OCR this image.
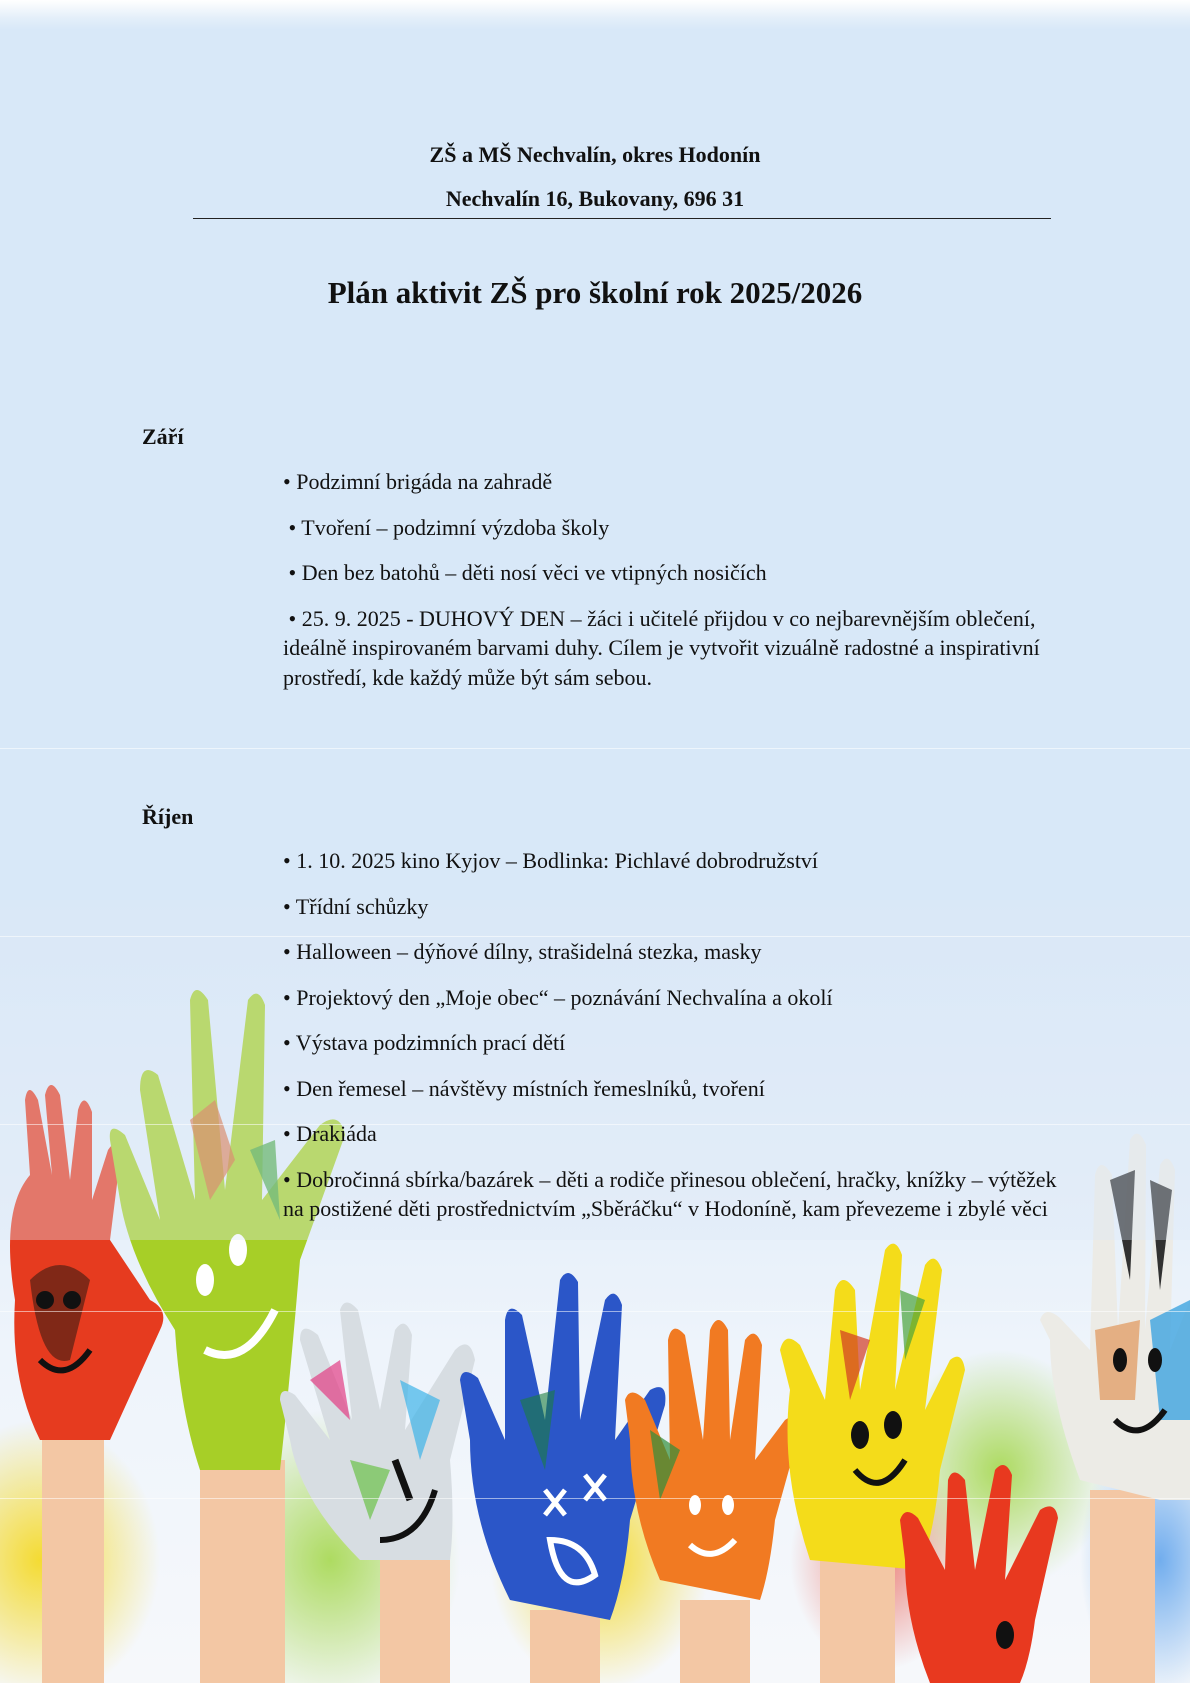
ZŠ a MŠ Nechvalín, okres Hodonín
Nechvalín 16, Bukovany, 696 31
Plán aktivit ZŠ pro školní rok 2025/2026
Září
• Podzimní brigáda na zahradě
• Tvoření – podzimní výzdoba školy
• Den bez batohů – děti nosí věci ve vtipných nosičích
• 25. 9. 2025 - DUHOVÝ DEN – žáci i učitelé přijdou v co nejbarevnějším oblečení, ideálně inspirovaném barvami duhy. Cílem je vytvořit vizuálně radostné a inspirativní prostředí, kde každý může být sám sebou.
Říjen
• 1. 10. 2025 kino Kyjov – Bodlinka: Pichlavé dobrodružství
• Třídní schůzky
• Halloween – dýňové dílny, strašidelná stezka, masky
• Projektový den „Moje obec“ – poznávání Nechvalína a okolí
• Výstava podzimních prací dětí
• Den řemesel – návštěvy místních řemeslníků, tvoření
• Drakiáda
• Dobročinná sbírka/bazárek – děti a rodiče přinesou oblečení, hračky, knížky – výtěžek na postižené děti prostřednictvím „Sběráčku“ v Hodoníně, kam převezeme i zbylé věci
